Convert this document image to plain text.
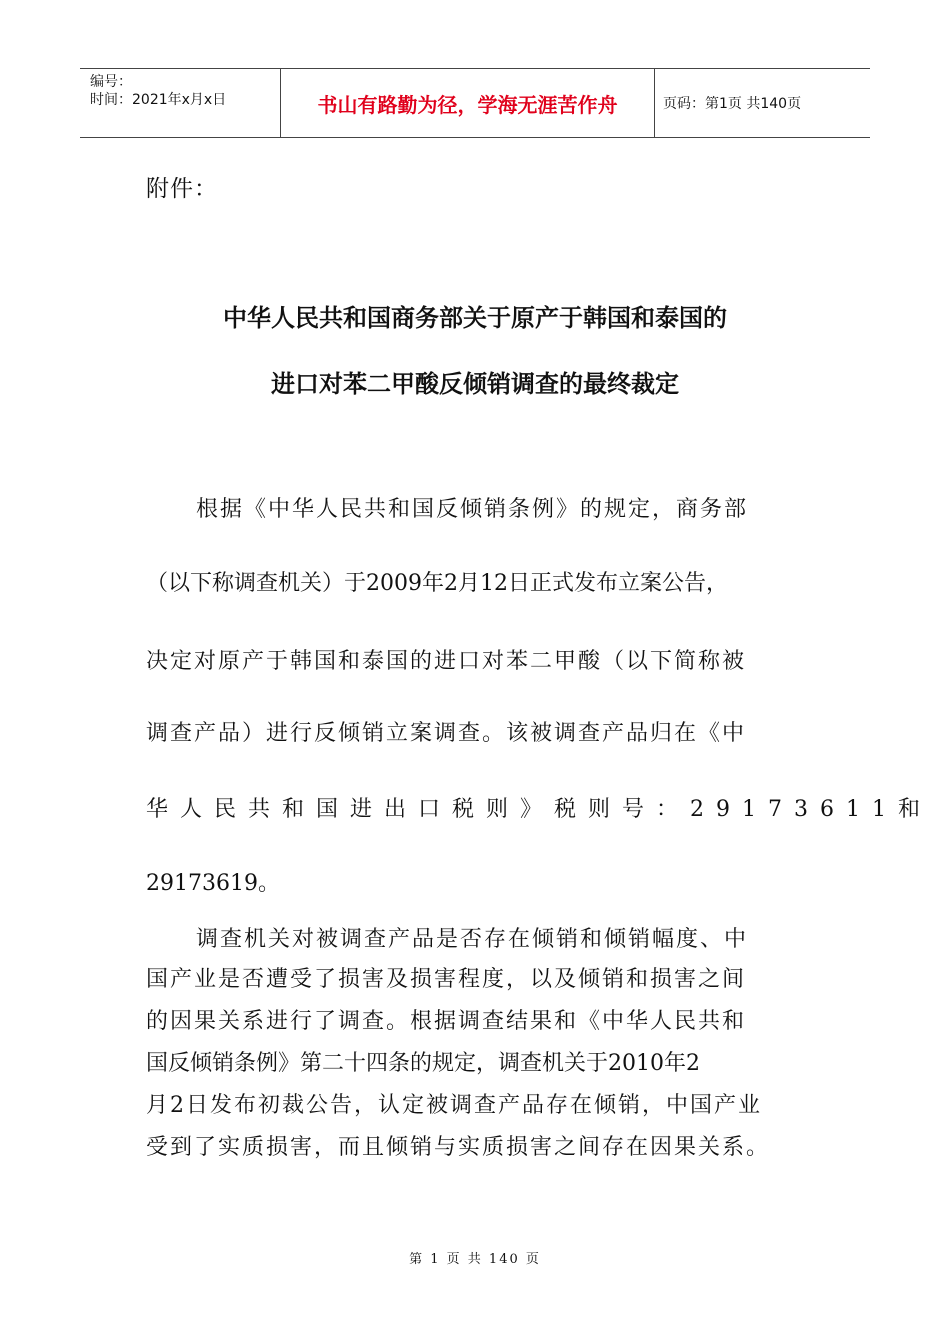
编号：
时间：2021年x月x日	书山有路勤为径，学海无涯苦作舟	页码：第1页 共140页
附件：
中华人民共和国商务部关于原产于韩国和泰国的
进口对苯二甲酸反倾销调查的最终裁定
根据《中华人民共和国反倾销条例》的规定，商务部
（以下称调查机关）于2009年2月12日正式发布立案公告，
决定对原产于韩国和泰国的进口对苯二甲酸（以下简称被
调查产品）进行反倾销立案调查。该被调查产品归在《中
华人民共和国进出口税则》税则号：29173611和
29173619。
调查机关对被调查产品是否存在倾销和倾销幅度、中
国产业是否遭受了损害及损害程度，以及倾销和损害之间
的因果关系进行了调查。根据调查结果和《中华人民共和
国反倾销条例》第二十四条的规定，调查机关于2010年2
月2日发布初裁公告，认定被调查产品存在倾销，中国产业
受到了实质损害，而且倾销与实质损害之间存在因果关系。
第 1 页 共 140 页
